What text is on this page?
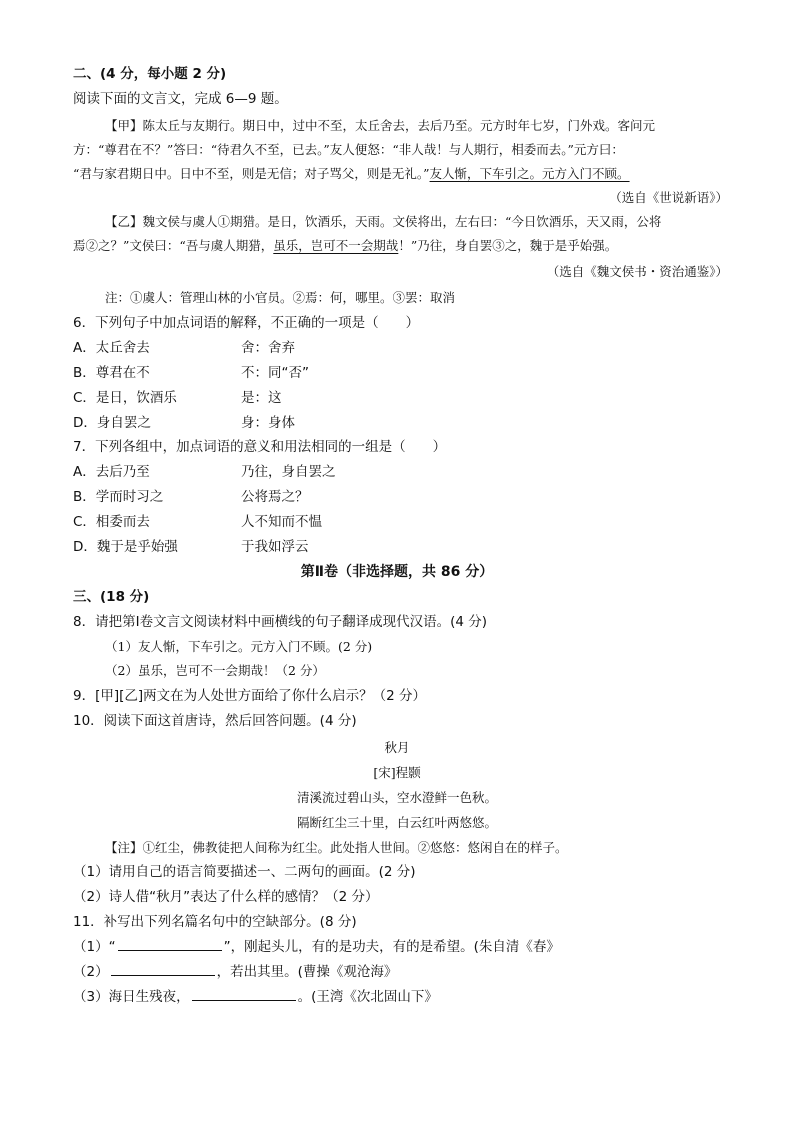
二、(4 分，每小题 2 分)
阅读下面的文言文，完成 6—9 题。
【甲】陈太丘与友期行。期日中，过中不至，太丘舍去，去后乃至。元方时年七岁，门外戏。客问元
方：“尊君在不？”答曰：“待君久不至，已去。”友人便怒：“非人哉！与人期行，相委而去。”元方曰：
“君与家君期日中。日中不至，则是无信；对子骂父，则是无礼。”友人惭，下车引之。元方入门不顾。
（选自《世说新语》）
【乙】魏文侯与虞人①期猎。是日，饮酒乐，天雨。文侯将出，左右曰：“今日饮酒乐，天又雨，公将
焉②之？”文侯曰：“吾与虞人期猎，虽乐，岂可不一会期哉！”乃往，身自罢③之，魏于是乎始强。
（选自《魏文侯书・资治通鉴》）
注：①虞人：管理山林的小官员。②焉：何，哪里。③罢：取消
6．下列句子中加点词语的解释，不正确的一项是（　　）
A．太丘舍去	舍：舍弃
B．尊君在不	不：同“否”
C．是日，饮酒乐	是：这
D．身自罢之	身：身体
7．下列各组中，加点词语的意义和用法相同的一组是（　　）
A．去后乃至	乃往，身自罢之
B．学而时习之	公将焉之？
C．相委而去	人不知而不愠
D．魏于是乎始强	于我如浮云
第Ⅱ卷（非选择题，共 86 分）
三、(18 分)
8．请把第Ⅰ卷文言文阅读材料中画横线的句子翻译成现代汉语。(4 分)
（1）友人惭，下车引之。元方入门不顾。(2 分)
（2）虽乐，岂可不一会期哉！（2 分）
9．[甲][乙]两文在为人处世方面给了你什么启示？（2 分）
10．阅读下面这首唐诗，然后回答问题。(4 分)
秋月
[宋]程颢
清溪流过碧山头，空水澄鲜一色秋。
隔断红尘三十里，白云红叶两悠悠。
【注】①红尘，佛教徒把人间称为红尘。此处指人世间。②悠悠：悠闲自在的样子。
（1）请用自己的语言简要描述一、二两句的画面。(2 分)
（2）诗人借“秋月”表达了什么样的感情？（2 分）
11．补写出下列名篇名句中的空缺部分。(8 分)
（1）“	”，刚起头儿，有的是功夫，有的是希望。(朱自清《春》
（2）	，若出其里。(曹操《观沧海》
（3）海日生残夜，	。(王湾《次北固山下》
